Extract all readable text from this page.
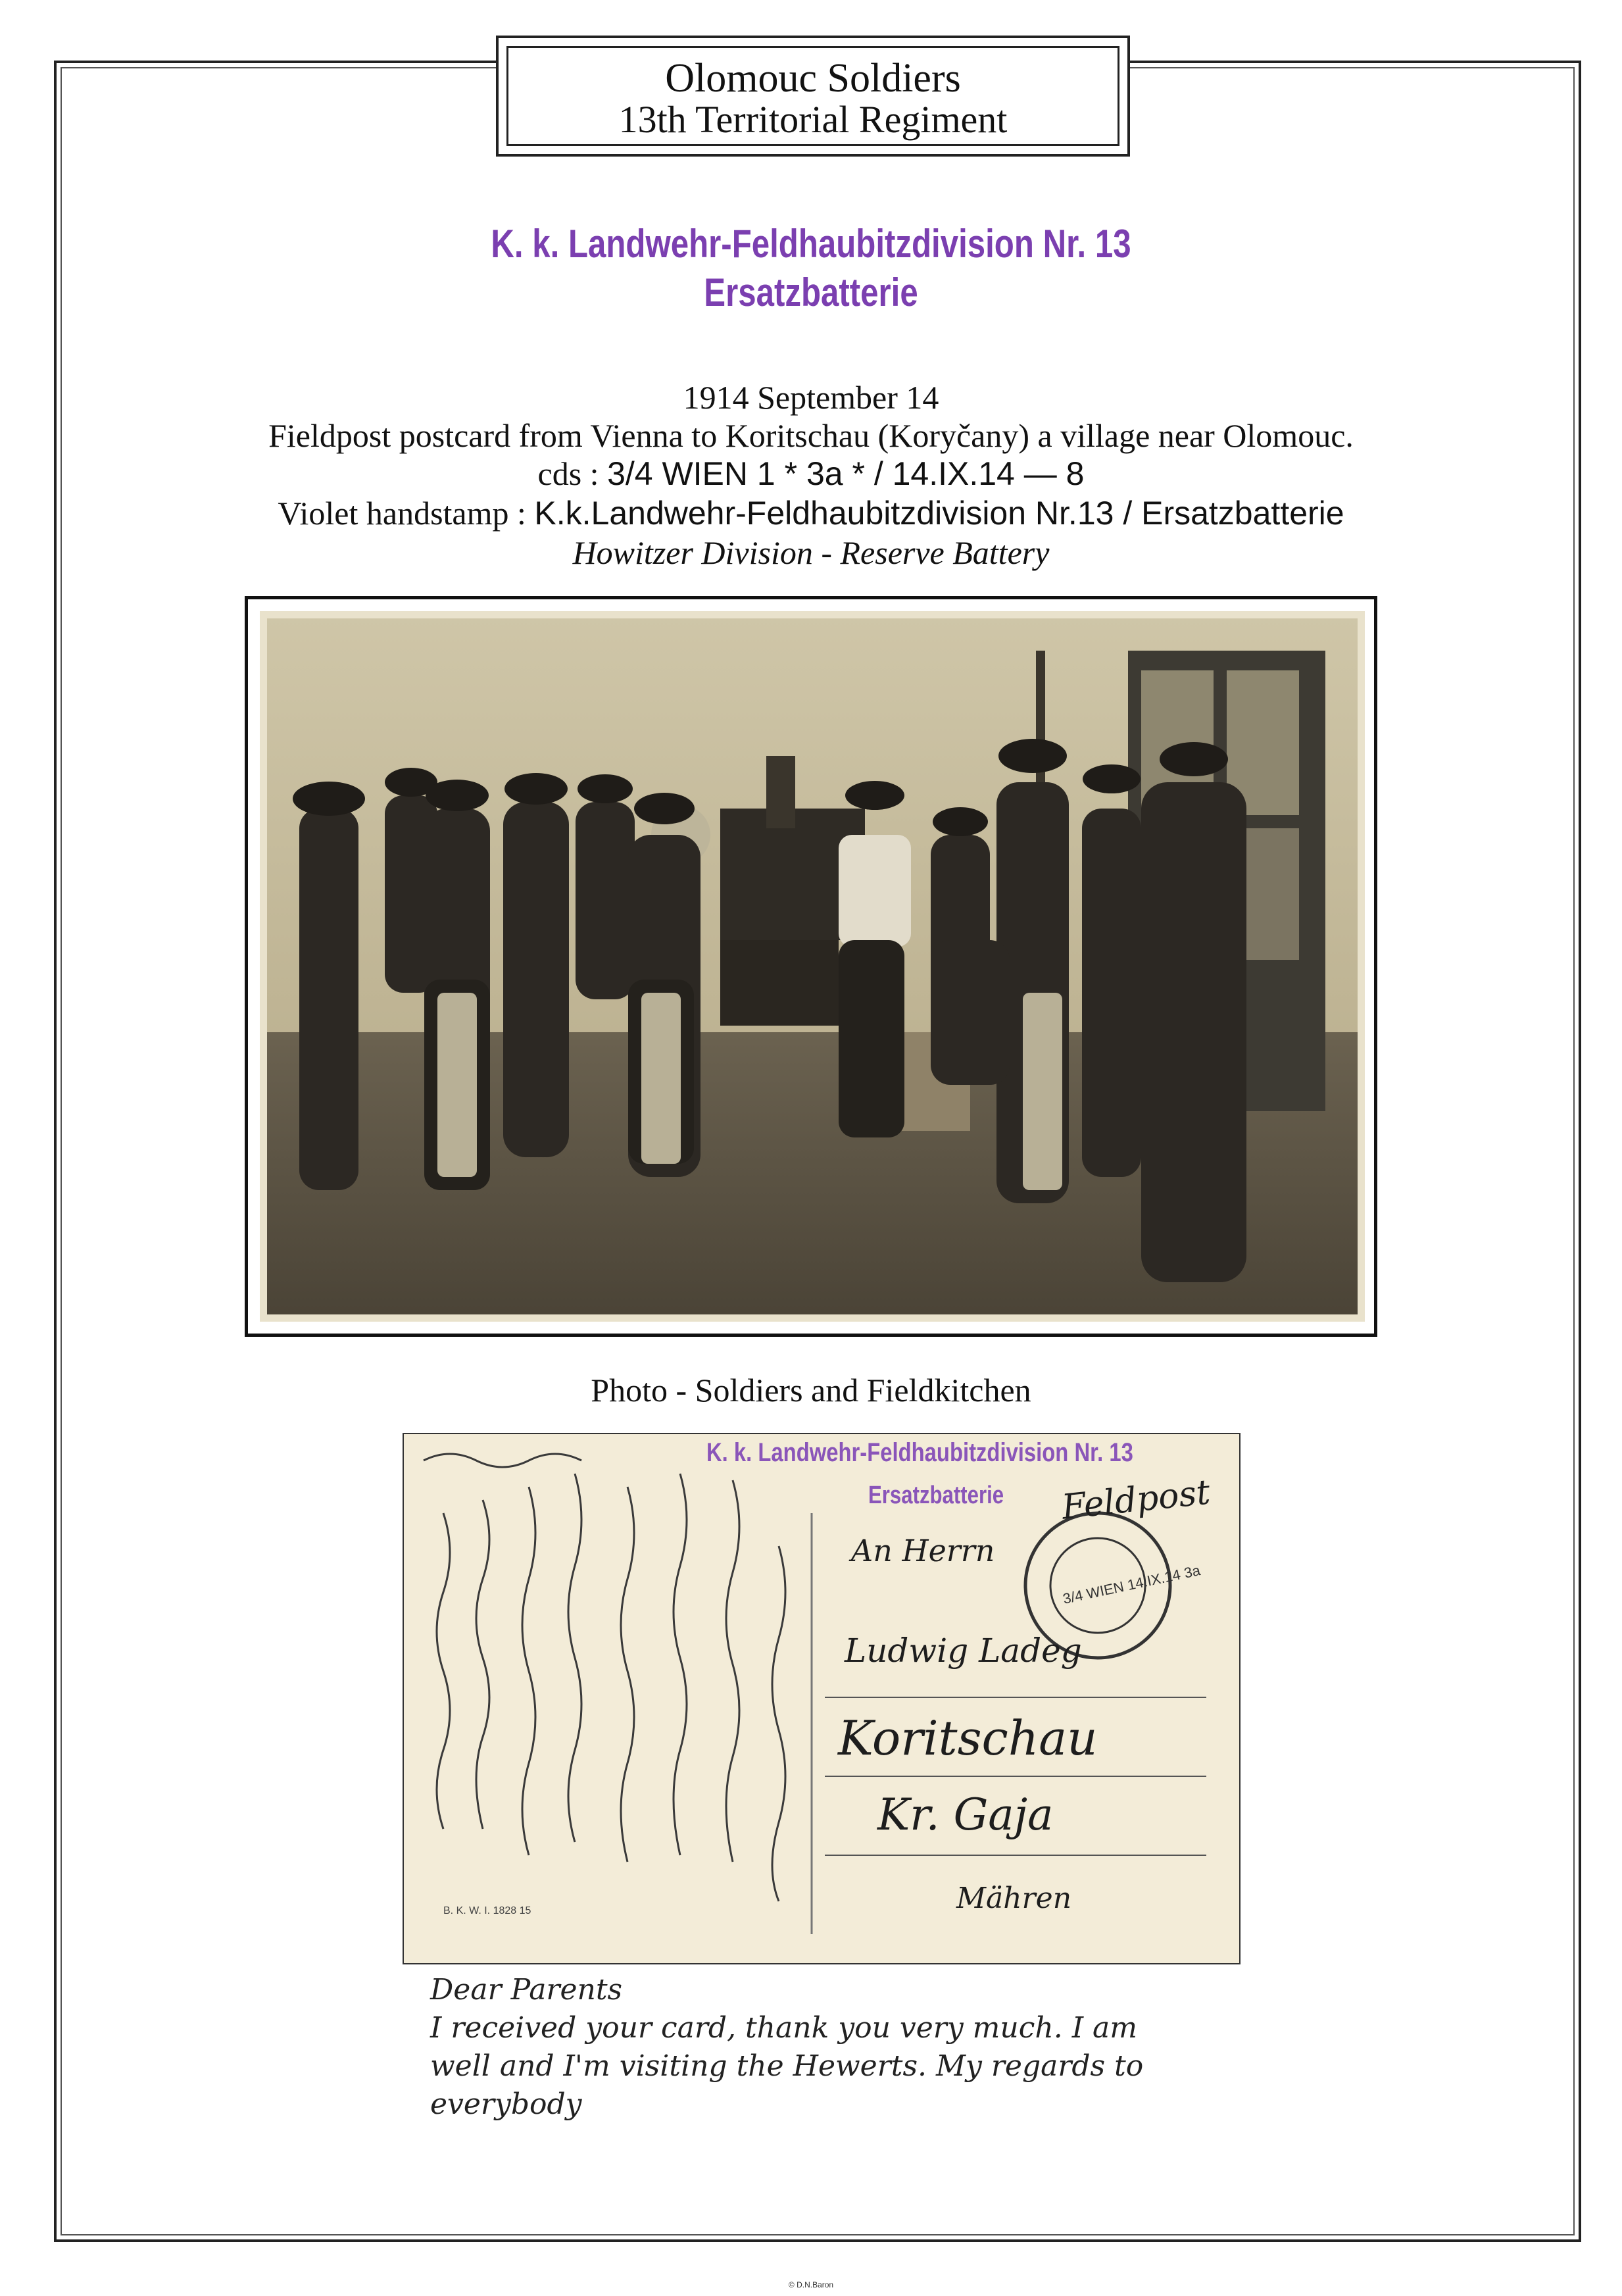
Olomouc Soldiers
13th Territorial Regiment
K. k. Landwehr-Feldhaubitzdivision Nr. 13
Ersatzbatterie
1914 September 14
Fieldpost postcard from Vienna to Koritschau (Koryčany) a village near Olomouc.
cds : 3/4 WIEN 1 * 3a * / 14.IX.14 — 8
Violet handstamp : K.k.Landwehr-Feldhaubitzdivision Nr.13 / Ersatzbatterie
Howitzer Division - Reserve Battery
Photo - Soldiers and Fieldkitchen
K. k. Landwehr-Feldhaubitzdivision Nr. 13
Ersatzbatterie Feldpost
3/4 WIEN 14.IX.14 3a
An Herrn
Ludwig Ladeg
Koritschau
Kr. Gaja
Mähren
B. K. W. I. 1828 15
Dear Parents
I received your card, thank you very much. I am
well and I'm visiting the Hewerts. My regards to
everybody
© D.N.Baron
